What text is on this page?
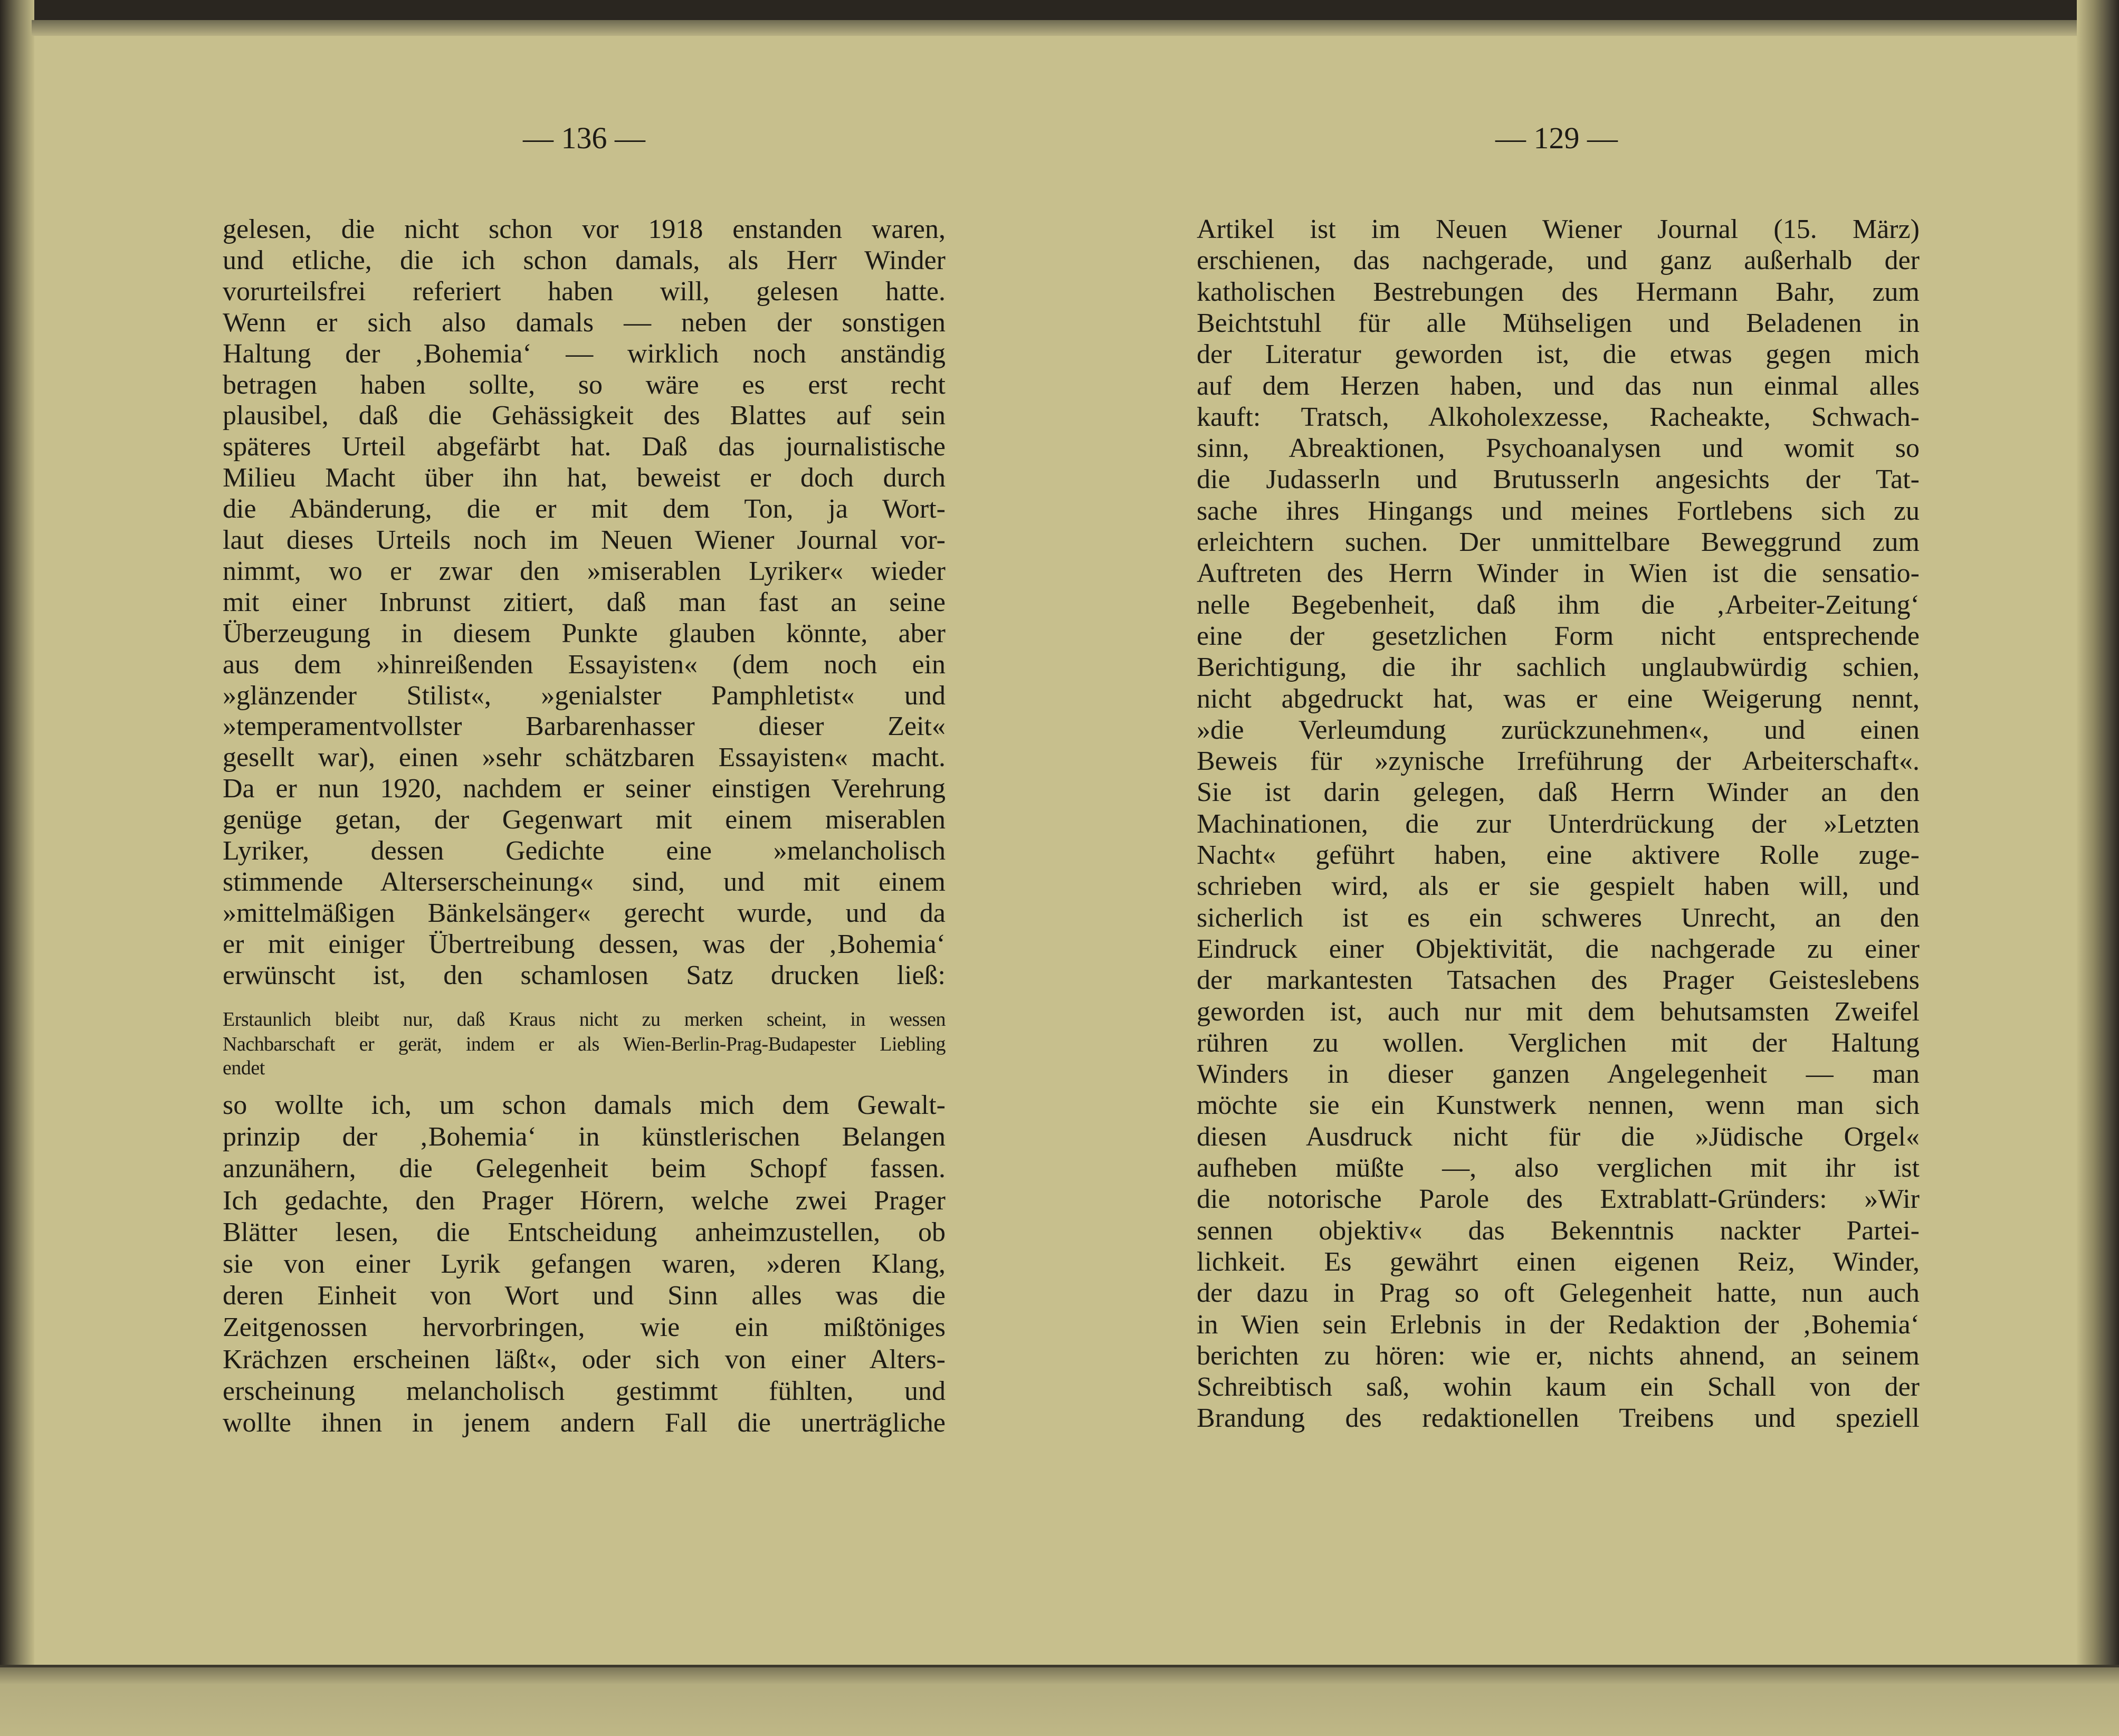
— 136 —	— 129 —
gelesen, die nicht schon vor 1918 enstanden waren,
und etliche, die ich schon damals, als Herr Winder
vorurteilsfrei referiert haben will, gelesen hatte.
Wenn er sich also damals — neben der sonstigen
Haltung der ‚Bohemia‘ — wirklich noch anständig
betragen haben sollte, so wäre es erst recht
plausibel, daß die Gehässigkeit des Blattes auf sein
späteres Urteil abgefärbt hat. Daß das journalistische
Milieu Macht über ihn hat, beweist er doch durch
die Abänderung, die er mit dem Ton, ja Wort-
laut dieses Urteils noch im Neuen Wiener Journal vor-
nimmt, wo er zwar den »miserablen Lyriker« wieder
mit einer Inbrunst zitiert, daß man fast an seine
Überzeugung in diesem Punkte glauben könnte, aber
aus dem »hinreißenden Essayisten« (dem noch ein
»glänzender Stilist«, »genialster Pamphletist« und
»temperamentvollster Barbarenhasser dieser Zeit«
gesellt war), einen »sehr schätzbaren Essayisten« macht.
Da er nun 1920, nachdem er seiner einstigen Verehrung
genüge getan, der Gegenwart mit einem miserablen
Lyriker, dessen Gedichte eine »melancholisch
stimmende Alterserscheinung« sind, und mit einem
»mittelmäßigen Bänkelsänger« gerecht wurde, und da
er mit einiger Übertreibung dessen, was der ‚Bohemia‘
erwünscht ist, den schamlosen Satz drucken ließ:
Erstaunlich bleibt nur, daß Kraus nicht zu merken scheint, in wessen
Nachbarschaft er gerät, indem er als Wien-Berlin-Prag-Budapester Liebling
endet
so wollte ich, um schon damals mich dem Gewalt-
prinzip der ‚Bohemia‘ in künstlerischen Belangen
anzunähern, die Gelegenheit beim Schopf fassen.
Ich gedachte, den Prager Hörern, welche zwei Prager
Blätter lesen, die Entscheidung anheimzustellen, ob
sie von einer Lyrik gefangen waren, »deren Klang,
deren Einheit von Wort und Sinn alles was die
Zeitgenossen hervorbringen, wie ein mißtöniges
Krächzen erscheinen läßt«, oder sich von einer Alters-
erscheinung melancholisch gestimmt fühlten, und
wollte ihnen in jenem andern Fall die unerträgliche
Artikel ist im Neuen Wiener Journal (15. März)
erschienen, das nachgerade, und ganz außerhalb der
katholischen Bestrebungen des Hermann Bahr, zum
Beichtstuhl für alle Mühseligen und Beladenen in
der Literatur geworden ist, die etwas gegen mich
auf dem Herzen haben, und das nun einmal alles
kauft: Tratsch, Alkoholexzesse, Racheakte, Schwach-
sinn, Abreaktionen, Psychoanalysen und womit so
die Judasserln und Brutusserln angesichts der Tat-
sache ihres Hingangs und meines Fortlebens sich zu
erleichtern suchen. Der unmittelbare Beweggrund zum
Auftreten des Herrn Winder in Wien ist die sensatio-
nelle Begebenheit, daß ihm die ‚Arbeiter-Zeitung‘
eine der gesetzlichen Form nicht entsprechende
Berichtigung, die ihr sachlich unglaubwürdig schien,
nicht abgedruckt hat, was er eine Weigerung nennt,
»die Verleumdung zurückzunehmen«, und einen
Beweis für »zynische Irreführung der Arbeiterschaft«.
Sie ist darin gelegen, daß Herrn Winder an den
Machinationen, die zur Unterdrückung der »Letzten
Nacht« geführt haben, eine aktivere Rolle zuge-
schrieben wird, als er sie gespielt haben will, und
sicherlich ist es ein schweres Unrecht, an den
Eindruck einer Objektivität, die nachgerade zu einer
der markantesten Tatsachen des Prager Geisteslebens
geworden ist, auch nur mit dem behutsamsten Zweifel
rühren zu wollen. Verglichen mit der Haltung
Winders in dieser ganzen Angelegenheit — man
möchte sie ein Kunstwerk nennen, wenn man sich
diesen Ausdruck nicht für die »Jüdische Orgel«
aufheben müßte —, also verglichen mit ihr ist
die notorische Parole des Extrablatt-Gründers: »Wir
sennen objektiv« das Bekenntnis nackter Partei-
lichkeit. Es gewährt einen eigenen Reiz, Winder,
der dazu in Prag so oft Gelegenheit hatte, nun auch
in Wien sein Erlebnis in der Redaktion der ‚Bohemia‘
berichten zu hören: wie er, nichts ahnend, an seinem
Schreibtisch saß, wohin kaum ein Schall von der
Brandung des redaktionellen Treibens und speziell
